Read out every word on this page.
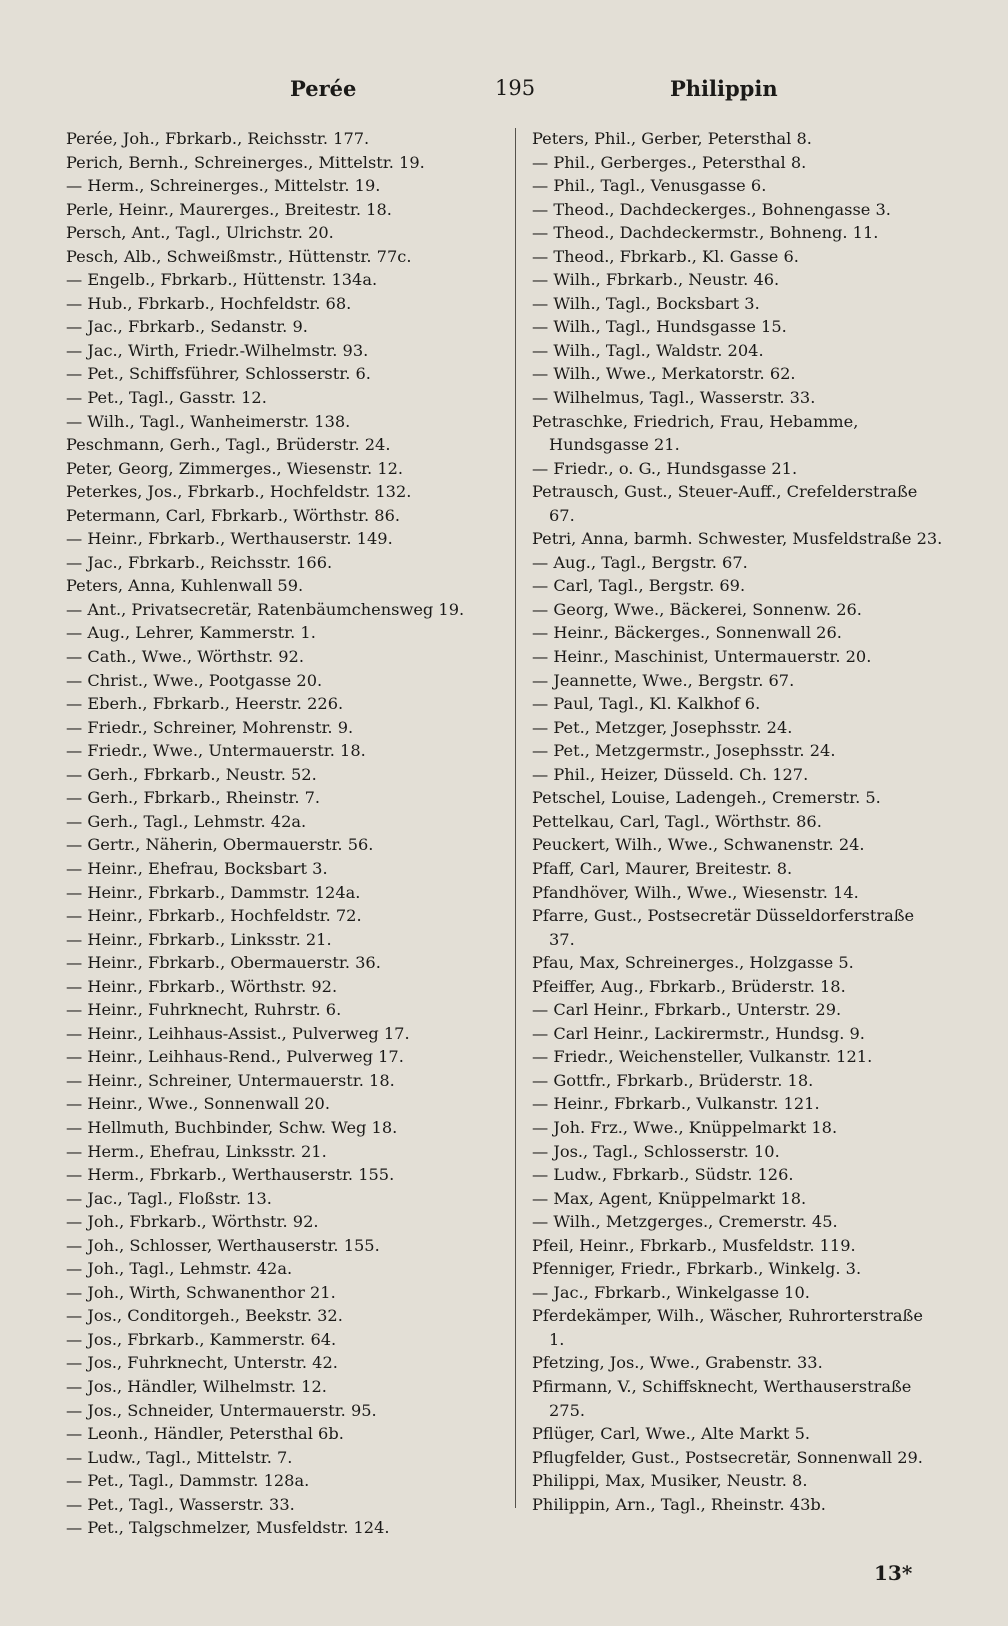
Perée	195	Philippin
Perée, Joh., Fbrkarb., Reichsstr. 177.
Perich, Bernh., Schreinerges., Mittelstr. 19.
— Herm., Schreinerges., Mittelstr. 19.
Perle, Heinr., Maurerges., Breitestr. 18.
Persch, Ant., Tagl., Ulrichstr. 20.
Pesch, Alb., Schweißmstr., Hüttenstr. 77c.
— Engelb., Fbrkarb., Hüttenstr. 134a.
— Hub., Fbrkarb., Hochfeldstr. 68.
— Jac., Fbrkarb., Sedanstr. 9.
— Jac., Wirth, Friedr.-Wilhelmstr. 93.
— Pet., Schiffsführer, Schlosserstr. 6.
— Pet., Tagl., Gasstr. 12.
— Wilh., Tagl., Wanheimerstr. 138.
Peschmann, Gerh., Tagl., Brüderstr. 24.
Peter, Georg, Zimmerges., Wiesenstr. 12.
Peterkes, Jos., Fbrkarb., Hochfeldstr. 132.
Petermann, Carl, Fbrkarb., Wörthstr. 86.
— Heinr., Fbrkarb., Werthauserstr. 149.
— Jac., Fbrkarb., Reichsstr. 166.
Peters, Anna, Kuhlenwall 59.
— Ant., Privatsecretär, Ratenbäumchensweg 19.
— Aug., Lehrer, Kammerstr. 1.
— Cath., Wwe., Wörthstr. 92.
— Christ., Wwe., Pootgasse 20.
— Eberh., Fbrkarb., Heerstr. 226.
— Friedr., Schreiner, Mohrenstr. 9.
— Friedr., Wwe., Untermauerstr. 18.
— Gerh., Fbrkarb., Neustr. 52.
— Gerh., Fbrkarb., Rheinstr. 7.
— Gerh., Tagl., Lehmstr. 42a.
— Gertr., Näherin, Obermauerstr. 56.
— Heinr., Ehefrau, Bocksbart 3.
— Heinr., Fbrkarb., Dammstr. 124a.
— Heinr., Fbrkarb., Hochfeldstr. 72.
— Heinr., Fbrkarb., Linksstr. 21.
— Heinr., Fbrkarb., Obermauerstr. 36.
— Heinr., Fbrkarb., Wörthstr. 92.
— Heinr., Fuhrknecht, Ruhrstr. 6.
— Heinr., Leihhaus-Assist., Pulverweg 17.
— Heinr., Leihhaus-Rend., Pulverweg 17.
— Heinr., Schreiner, Untermauerstr. 18.
— Heinr., Wwe., Sonnenwall 20.
— Hellmuth, Buchbinder, Schw. Weg 18.
— Herm., Ehefrau, Linksstr. 21.
— Herm., Fbrkarb., Werthauserstr. 155.
— Jac., Tagl., Floßstr. 13.
— Joh., Fbrkarb., Wörthstr. 92.
— Joh., Schlosser, Werthauserstr. 155.
— Joh., Tagl., Lehmstr. 42a.
— Joh., Wirth, Schwanenthor 21.
— Jos., Conditorgeh., Beekstr. 32.
— Jos., Fbrkarb., Kammerstr. 64.
— Jos., Fuhrknecht, Unterstr. 42.
— Jos., Händler, Wilhelmstr. 12.
— Jos., Schneider, Untermauerstr. 95.
— Leonh., Händler, Petersthal 6b.
— Ludw., Tagl., Mittelstr. 7.
— Pet., Tagl., Dammstr. 128a.
— Pet., Tagl., Wasserstr. 33.
— Pet., Talgschmelzer, Musfeldstr. 124.
Peters, Phil., Gerber, Petersthal 8.
— Phil., Gerberges., Petersthal 8.
— Phil., Tagl., Venusgasse 6.
— Theod., Dachdeckerges., Bohnengasse 3.
— Theod., Dachdeckermstr., Bohneng. 11.
— Theod., Fbrkarb., Kl. Gasse 6.
— Wilh., Fbrkarb., Neustr. 46.
— Wilh., Tagl., Bocksbart 3.
— Wilh., Tagl., Hundsgasse 15.
— Wilh., Tagl., Waldstr. 204.
— Wilh., Wwe., Merkatorstr. 62.
— Wilhelmus, Tagl., Wasserstr. 33.
Petraschke, Friedrich, Frau, Hebamme, Hundsgasse 21.
— Friedr., o. G., Hundsgasse 21.
Petrausch, Gust., Steuer-Auff., Crefelderstraße 67.
Petri, Anna, barmh. Schwester, Musfeldstraße 23.
— Aug., Tagl., Bergstr. 67.
— Carl, Tagl., Bergstr. 69.
— Georg, Wwe., Bäckerei, Sonnenw. 26.
— Heinr., Bäckerges., Sonnenwall 26.
— Heinr., Maschinist, Untermauerstr. 20.
— Jeannette, Wwe., Bergstr. 67.
— Paul, Tagl., Kl. Kalkhof 6.
— Pet., Metzger, Josephsstr. 24.
— Pet., Metzgermstr., Josephsstr. 24.
— Phil., Heizer, Düsseld. Ch. 127.
Petschel, Louise, Ladengeh., Cremerstr. 5.
Pettelkau, Carl, Tagl., Wörthstr. 86.
Peuckert, Wilh., Wwe., Schwanenstr. 24.
Pfaff, Carl, Maurer, Breitestr. 8.
Pfandhöver, Wilh., Wwe., Wiesenstr. 14.
Pfarre, Gust., Postsecretär Düsseldorferstraße 37.
Pfau, Max, Schreinerges., Holzgasse 5.
Pfeiffer, Aug., Fbrkarb., Brüderstr. 18.
— Carl Heinr., Fbrkarb., Unterstr. 29.
— Carl Heinr., Lackirermstr., Hundsg. 9.
— Friedr., Weichensteller, Vulkanstr. 121.
— Gottfr., Fbrkarb., Brüderstr. 18.
— Heinr., Fbrkarb., Vulkanstr. 121.
— Joh. Frz., Wwe., Knüppelmarkt 18.
— Jos., Tagl., Schlosserstr. 10.
— Ludw., Fbrkarb., Südstr. 126.
— Max, Agent, Knüppelmarkt 18.
— Wilh., Metzgerges., Cremerstr. 45.
Pfeil, Heinr., Fbrkarb., Musfeldstr. 119.
Pfenniger, Friedr., Fbrkarb., Winkelg. 3.
— Jac., Fbrkarb., Winkelgasse 10.
Pferdekämper, Wilh., Wäscher, Ruhrorterstraße 1.
Pfetzing, Jos., Wwe., Grabenstr. 33.
Pfirmann, V., Schiffsknecht, Werthauserstraße 275.
Pflüger, Carl, Wwe., Alte Markt 5.
Pflugfelder, Gust., Postsecretär, Sonnenwall 29.
Philippi, Max, Musiker, Neustr. 8.
Philippin, Arn., Tagl., Rheinstr. 43b.
13*
